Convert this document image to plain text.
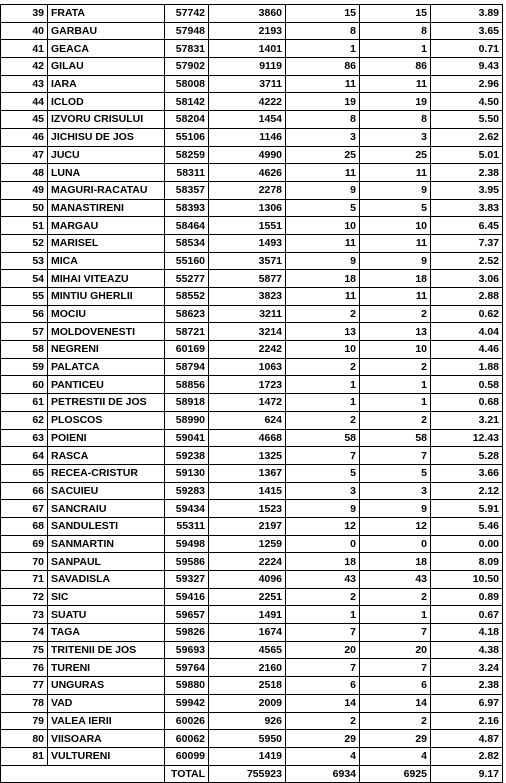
39	FRATA	57742	3860	15	15	3.89
40	GARBAU	57948	2193	8	8	3.65
41	GEACA	57831	1401	1	1	0.71
42	GILAU	57902	9119	86	86	9.43
43	IARA	58008	3711	11	11	2.96
44	ICLOD	58142	4222	19	19	4.50
45	IZVORU CRISULUI	58204	1454	8	8	5.50
46	JICHISU DE JOS	55106	1146	3	3	2.62
47	JUCU	58259	4990	25	25	5.01
48	LUNA	58311	4626	11	11	2.38
49	MAGURI-RACATAU	58357	2278	9	9	3.95
50	MANASTIRENI	58393	1306	5	5	3.83
51	MARGAU	58464	1551	10	10	6.45
52	MARISEL	58534	1493	11	11	7.37
53	MICA	55160	3571	9	9	2.52
54	MIHAI VITEAZU	55277	5877	18	18	3.06
55	MINTIU GHERLII	58552	3823	11	11	2.88
56	MOCIU	58623	3211	2	2	0.62
57	MOLDOVENESTI	58721	3214	13	13	4.04
58	NEGRENI	60169	2242	10	10	4.46
59	PALATCA	58794	1063	2	2	1.88
60	PANTICEU	58856	1723	1	1	0.58
61	PETRESTII DE JOS	58918	1472	1	1	0.68
62	PLOSCOS	58990	624	2	2	3.21
63	POIENI	59041	4668	58	58	12.43
64	RASCA	59238	1325	7	7	5.28
65	RECEA-CRISTUR	59130	1367	5	5	3.66
66	SACUIEU	59283	1415	3	3	2.12
67	SANCRAIU	59434	1523	9	9	5.91
68	SANDULESTI	55311	2197	12	12	5.46
69	SANMARTIN	59498	1259	0	0	0.00
70	SANPAUL	59586	2224	18	18	8.09
71	SAVADISLA	59327	4096	43	43	10.50
72	SIC	59416	2251	2	2	0.89
73	SUATU	59657	1491	1	1	0.67
74	TAGA	59826	1674	7	7	4.18
75	TRITENII DE JOS	59693	4565	20	20	4.38
76	TURENI	59764	2160	7	7	3.24
77	UNGURAS	59880	2518	6	6	2.38
78	VAD	59942	2009	14	14	6.97
79	VALEA IERII	60026	926	2	2	2.16
80	VIISOARA	60062	5950	29	29	4.87
81	VULTURENI	60099	1419	4	4	2.82
		TOTAL	755923	6934	6925	9.17
